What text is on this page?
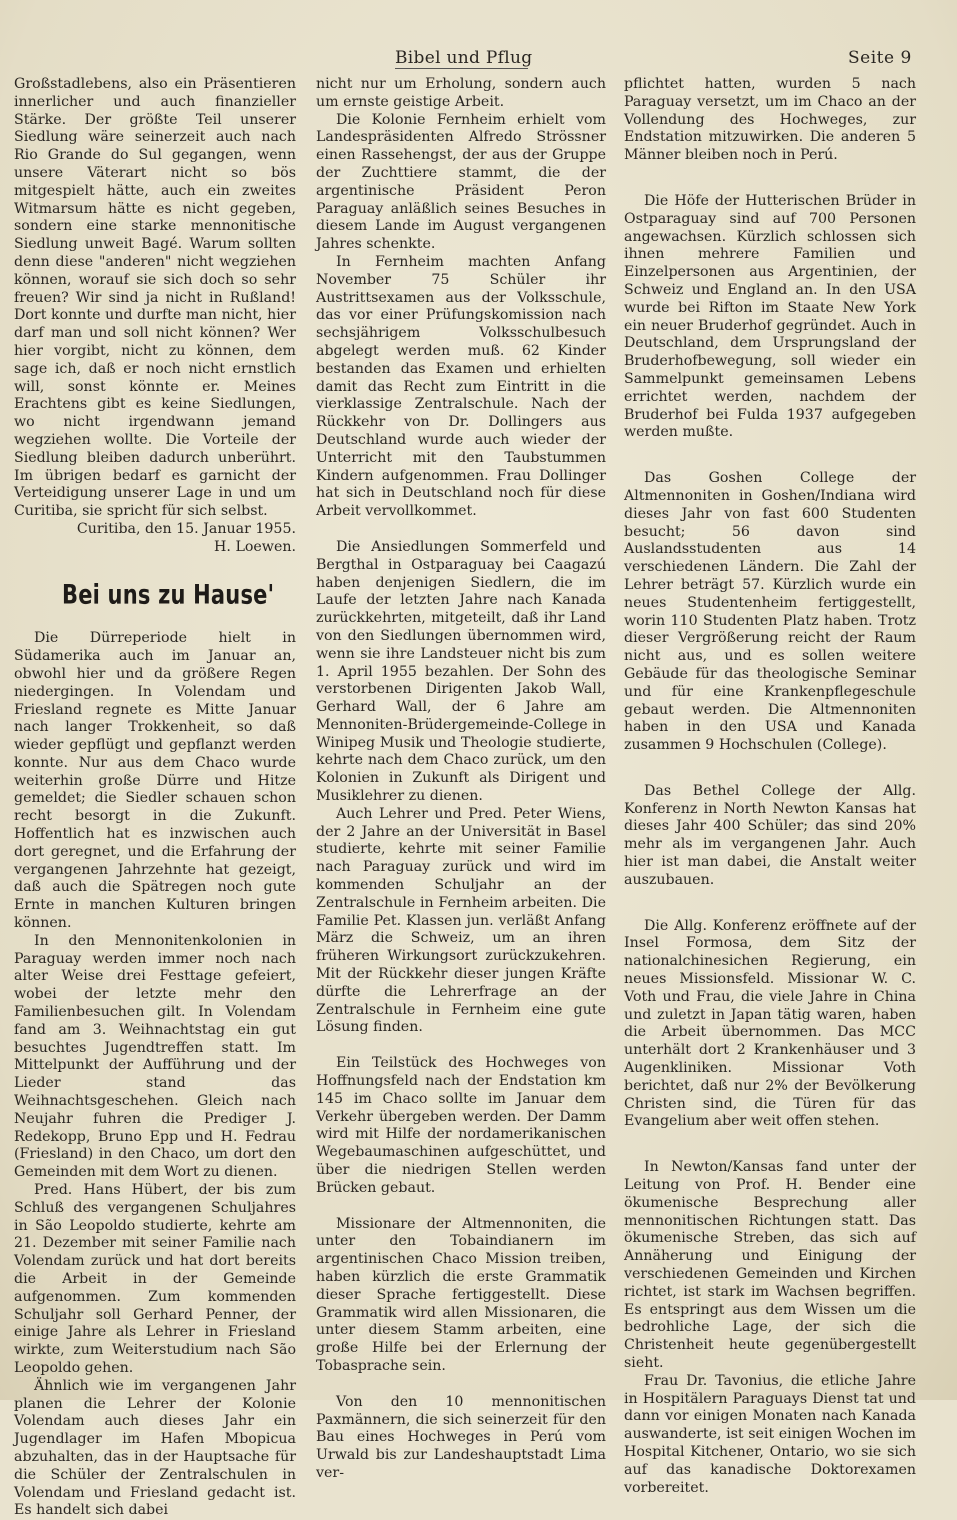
Bibel und Pflug	Seite 9

Großstadlebens, also ein Präsentieren innerlicher und auch finanzieller Stärke. Der größte Teil unserer Siedlung wäre seinerzeit auch nach Rio Grande do Sul gegangen, wenn unsere Väterart nicht so bös mitgespielt hätte, auch ein zweites Witmarsum hätte es nicht gegeben, sondern eine starke mennonitische Siedlung unweit Bagé. Warum sollten denn diese "anderen" nicht wegziehen können, worauf sie sich doch so sehr freuen? Wir sind ja nicht in Rußland! Dort konnte und durfte man nicht, hier darf man und soll nicht können? Wer hier vorgibt, nicht zu können, dem sage ich, daß er noch nicht ernstlich will, sonst könnte er. Meines Erachtens gibt es keine Siedlungen, wo nicht irgendwann jemand wegziehen wollte. Die Vorteile der Siedlung bleiben dadurch unberührt. Im übrigen bedarf es garnicht der Verteidigung unserer Lage in und um Curitiba, sie spricht für sich selbst.

Curitiba, den 15. Januar 1955.

H. Loewen.

Bei uns zu Hause'

Die Dürreperiode hielt in Südamerika auch im Januar an, obwohl hier und da größere Regen niedergingen. In Volendam und Friesland regnete es Mitte Januar nach langer Trokkenheit, so daß wieder gepflügt und gepflanzt werden konnte. Nur aus dem Chaco wurde weiterhin große Dürre und Hitze gemeldet; die Siedler schauen schon recht besorgt in die Zukunft. Hoffentlich hat es inzwischen auch dort geregnet, und die Erfahrung der vergangenen Jahrzehnte hat gezeigt, daß auch die Spätregen noch gute Ernte in manchen Kulturen bringen können.

In den Mennonitenkolonien in Paraguay werden immer noch nach alter Weise drei Festtage gefeiert, wobei der letzte mehr den Familienbesuchen gilt. In Volendam fand am 3. Weihnachtstag ein gut besuchtes Jugendtreffen statt. Im Mittelpunkt der Aufführung und der Lieder stand das Weihnachtsgeschehen. Gleich nach Neujahr fuhren die Prediger J. Redekopp, Bruno Epp und H. Fedrau (Friesland) in den Chaco, um dort den Gemeinden mit dem Wort zu dienen.

Pred. Hans Hübert, der bis zum Schluß des vergangenen Schuljahres in São Leopoldo studierte, kehrte am 21. Dezember mit seiner Familie nach Volendam zurück und hat dort bereits die Arbeit in der Gemeinde aufgenommen. Zum kommenden Schuljahr soll Gerhard Penner, der einige Jahre als Lehrer in Friesland wirkte, zum Weiterstudium nach São Leopoldo gehen.

Ähnlich wie im vergangenen Jahr planen die Lehrer der Kolonie Volendam auch dieses Jahr ein Jugendlager im Hafen Mbopicua abzuhalten, das in der Hauptsache für die Schüler der Zentralschulen in Volendam und Friesland gedacht ist. Es handelt sich dabei

nicht nur um Erholung, sondern auch um ernste geistige Arbeit.

Die Kolonie Fernheim erhielt vom Landespräsidenten Alfredo Strössner einen Rassehengst, der aus der Gruppe der Zuchttiere stammt, die der argentinische Präsident Peron Paraguay anläßlich seines Besuches in diesem Lande im August vergangenen Jahres schenkte.

In Fernheim machten Anfang November 75 Schüler ihr Austrittsexamen aus der Volksschule, das vor einer Prüfungskomission nach sechsjährigem Volksschulbesuch abgelegt werden muß. 62 Kinder bestanden das Examen und erhielten damit das Recht zum Eintritt in die vierklassige Zentralschule. Nach der Rückkehr von Dr. Dollingers aus Deutschland wurde auch wieder der Unterricht mit den Taubstummen Kindern aufgenommen. Frau Dollinger hat sich in Deutschland noch für diese Arbeit vervollkommet.

Die Ansiedlungen Sommerfeld und Bergthal in Ostparaguay bei Caagazú haben denjenigen Siedlern, die im Laufe der letzten Jahre nach Kanada zurückkehrten, mitgeteilt, daß ihr Land von den Siedlungen übernommen wird, wenn sie ihre Landsteuer nicht bis zum 1. April 1955 bezahlen. Der Sohn des verstorbenen Dirigenten Jakob Wall, Gerhard Wall, der 6 Jahre am Mennoniten-Brüdergemeinde-College in Winipeg Musik und Theologie studierte, kehrte nach dem Chaco zurück, um den Kolonien in Zukunft als Dirigent und Musiklehrer zu dienen.

Auch Lehrer und Pred. Peter Wiens, der 2 Jahre an der Universität in Basel studierte, kehrte mit seiner Familie nach Paraguay zurück und wird im kommenden Schuljahr an der Zentralschule in Fernheim arbeiten. Die Familie Pet. Klassen jun. verläßt Anfang März die Schweiz, um an ihren früheren Wirkungsort zurückzukehren. Mit der Rückkehr dieser jungen Kräfte dürfte die Lehrerfrage an der Zentralschule in Fernheim eine gute Lösung finden.

Ein Teilstück des Hochweges von Hoffnungsfeld nach der Endstation km 145 im Chaco sollte im Januar dem Verkehr übergeben werden. Der Damm wird mit Hilfe der nordamerikanischen Wegebaumaschinen aufgeschüttet, und über die niedrigen Stellen werden Brücken gebaut.

Missionare der Altmennoniten, die unter den Tobaindianern im argentinischen Chaco Mission treiben, haben kürzlich die erste Grammatik dieser Sprache fertiggestellt. Diese Grammatik wird allen Missionaren, die unter diesem Stamm arbeiten, eine große Hilfe bei der Erlernung der Tobasprache sein.

Von den 10 mennonitischen Paxmännern, die sich seinerzeit für den Bau eines Hochweges in Perú vom Urwald bis zur Landeshauptstadt Lima ver-

pflichtet hatten, wurden 5 nach Paraguay versetzt, um im Chaco an der Vollendung des Hochweges, zur Endstation mitzuwirken. Die anderen 5 Männer bleiben noch in Perú.

Die Höfe der Hutterischen Brüder in Ostparaguay sind auf 700 Personen angewachsen. Kürzlich schlossen sich ihnen mehrere Familien und Einzelpersonen aus Argentinien, der Schweiz und England an. In den USA wurde bei Rifton im Staate New York ein neuer Bruderhof gegründet. Auch in Deutschland, dem Ursprungsland der Bruderhofbewegung, soll wieder ein Sammelpunkt gemeinsamen Lebens errichtet werden, nachdem der Bruderhof bei Fulda 1937 aufgegeben werden mußte.

Das Goshen College der Altmennoniten in Goshen/Indiana wird dieses Jahr von fast 600 Studenten besucht; 56 davon sind Auslandsstudenten aus 14 verschiedenen Ländern. Die Zahl der Lehrer beträgt 57. Kürzlich wurde ein neues Studentenheim fertiggestellt, worin 110 Studenten Platz haben. Trotz dieser Vergrößerung reicht der Raum nicht aus, und es sollen weitere Gebäude für das theologische Seminar und für eine Krankenpflegeschule gebaut werden. Die Altmennoniten haben in den USA und Kanada zusammen 9 Hochschulen (College).

Das Bethel College der Allg. Konferenz in North Newton Kansas hat dieses Jahr 400 Schüler; das sind 20% mehr als im vergangenen Jahr. Auch hier ist man dabei, die Anstalt weiter auszubauen.

Die Allg. Konferenz eröffnete auf der Insel Formosa, dem Sitz der nationalchinesichen Regierung, ein neues Missionsfeld. Missionar W. C. Voth und Frau, die viele Jahre in China und zuletzt in Japan tätig waren, haben die Arbeit übernommen. Das MCC unterhält dort 2 Krankenhäuser und 3 Augenkliniken. Missionar Voth berichtet, daß nur 2% der Bevölkerung Christen sind, die Türen für das Evangelium aber weit offen stehen.

In Newton/Kansas fand unter der Leitung von Prof. H. Bender eine ökumenische Besprechung aller mennonitischen Richtungen statt. Das ökumenische Streben, das sich auf Annäherung und Einigung der verschiedenen Gemeinden und Kirchen richtet, ist stark im Wachsen begriffen. Es entspringt aus dem Wissen um die bedrohliche Lage, der sich die Christenheit heute gegenübergestellt sieht.

Frau Dr. Tavonius, die etliche Jahre in Hospitälern Paraguays Dienst tat und dann vor einigen Monaten nach Kanada auswanderte, ist seit einigen Wochen im Hospital Kitchener, Ontario, wo sie sich auf das kanadische Doktorexamen vorbereitet.
